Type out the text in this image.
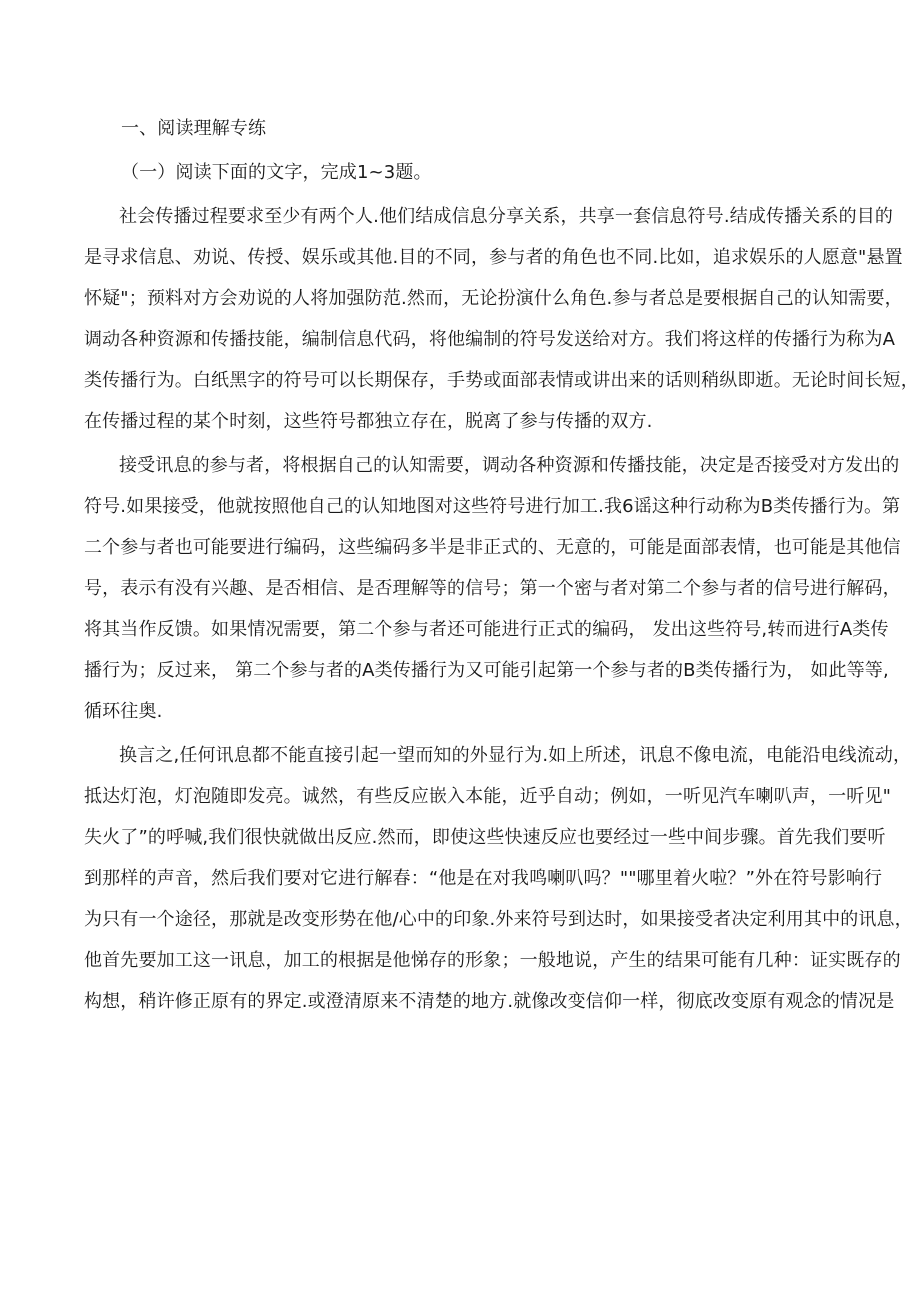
一、阅读理解专练
（一）阅读下面的文字，完成1~3题。
社会传播过程要求至少有两个人.他们结成信息分享关系，共享一套信息符号.结成传播关系的目的
是寻求信息、劝说、传授、娱乐或其他.目的不同，参与者的角色也不同.比如，追求娱乐的人愿意"悬置
怀疑"；预料对方会劝说的人将加强防范.然而，无论扮演什么角色.参与者总是要根据自己的认知需要，
调动各种资源和传播技能，编制信息代码，将他编制的符号发送给对方。我们将这样的传播行为称为A
类传播行为。白纸黑字的符号可以长期保存，手势或面部表情或讲出来的话则稍纵即逝。无论时间长短，
在传播过程的某个时刻，这些符号都独立存在，脱离了参与传播的双方.
接受讯息的参与者，将根据自己的认知需要，调动各种资源和传播技能，决定是否接受对方发出的
符号.如果接受，他就按照他自己的认知地图对这些符号进行加工.我6谣这种行动称为B类传播行为。第
二个参与者也可能要进行编码，这些编码多半是非正式的、无意的，可能是面部表情，也可能是其他信
号，表示有没有兴趣、是否相信、是否理解等的信号；第一个密与者对第二个参与者的信号进行解码，
将其当作反馈。如果情况需要，第二个参与者还可能进行正式的编码， 发出这些符号,转而进行A类传
播行为；反过来， 第二个参与者的A类传播行为又可能引起第一个参与者的B类传播行为， 如此等等,
循环往奥.
换言之,任何讯息都不能直接引起一望而知的外显行为.如上所述，讯息不像电流，电能沿电线流动，
抵达灯泡，灯泡随即发亮。诚然，有些反应嵌入本能，近乎自动；例如，一听见汽车喇叭声，一听见"
失火了”的呼喊,我们很快就做出反应.然而，即使这些快速反应也要经过一些中间步骤。首先我们要听
到那样的声音，然后我们要对它进行解春：“他是在对我鸣喇叭吗？""哪里着火啦？”外在符号影响行
为只有一个途径，那就是改变形势在他/心中的印象.外来符号到达时，如果接受者决定利用其中的讯息，
他首先要加工这一讯息，加工的根据是他悌存的形象；一般地说，产生的结果可能有几种：证实既存的
构想，稍许修正原有的界定.或澄清原来不清楚的地方.就像改变信仰一样，彻底改变原有观念的情况是
